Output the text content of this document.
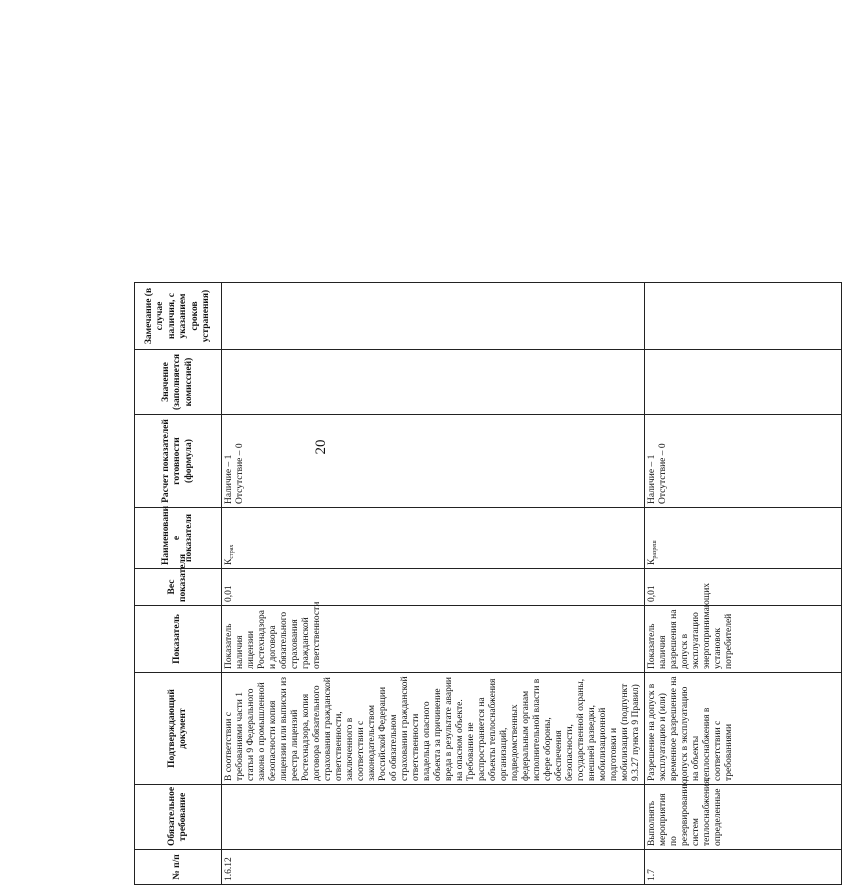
20
№ п/п	Обязательное требование	Подтверждающий документ	Показатель	Вес показателя	Наименовани е показателя	Расчет показателей готовности (формула)	Значение (заполняется комиссией)	Замечание (в случае наличия, с указанием сроков устранения)	
1.6.12		В соответствии с требованиями части 1 статьи 9 Федерального закона о промышленной безопасности копия лицензии или выписки из реестра лицензий Ростехнадзора, копия договора обязательного страхования гражданской ответственности, заключенного в соответствии с законодательством Российской Федерации об обязательном страховании гражданской ответственности владельца опасного объекта за причинение вреда в результате аварии на опасном объекте. Требование не распространяется на объекты теплоснабжения организаций, подведомственных федеральным органам исполнительной власти в сфере обороны, обеспечения безопасности, государственной охраны, внешней разведки, мобилизационной подготовки и мобилизации (подпункт 9.3.27 пункта 9 Правил)	Показатель наличия лицензии Ростехнадзора и договора обязательного страхования гражданской ответственности	0,01	$К_{страх}$	Наличие – 1 Отсутствие – 0			

1.7	Выполнять мероприятия по резервированию систем теплоснабжения, определенные	Разрешение на допуск в эксплуатацию и (или) временное разрешение на допуск в эксплуатацию на объекты теплоснабжения в соответствии с требованиями	Показатель наличия разрешения на допуск в эксплуатацию энергопринимающих установок потребителей	0,01	$К_{разреш}$	Наличие – 1 Отсутствие – 0			
